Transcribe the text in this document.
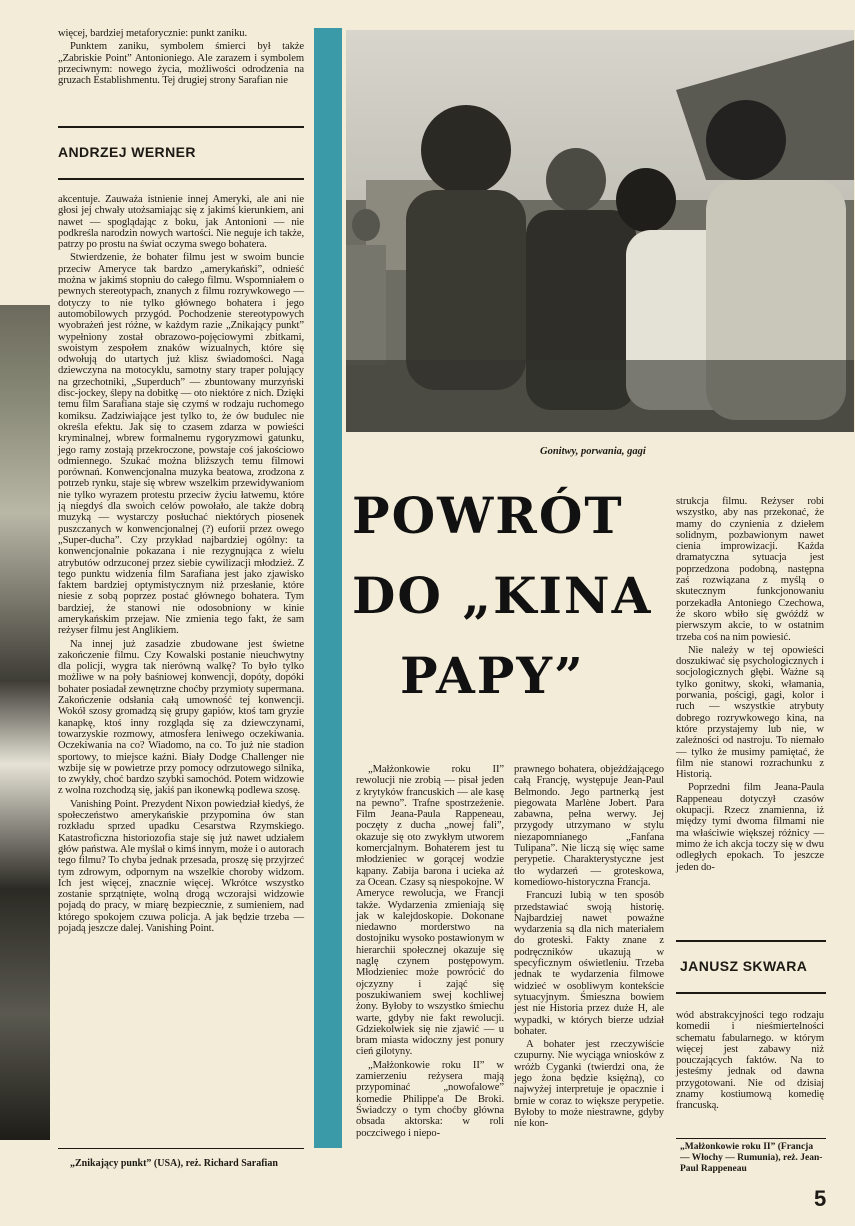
więcej, bardziej metaforycznie: punkt zaniku.

Punktem zaniku, symbolem śmierci był także „Zabriskie Point” Antonioniego. Ale zarazem i symbolem przeciwnym: nowego życia, możliwości odrodzenia na gruzach Establishmentu. Tej drugiej strony Sarafian nie

ANDRZEJ WERNER

akcentuje. Zauważa istnienie innej Ameryki, ale ani nie głosi jej chwały utożsamiając się z jakimś kierunkiem, ani nawet — spoglądając z boku, jak Antonioni — nie podkreśla narodzin nowych wartości. Nie neguje ich także, patrzy po prostu na świat oczyma swego bohatera.

Stwierdzenie, że bohater filmu jest w swoim buncie przeciw Ameryce tak bardzo „amerykański”, odnieść można w jakimś stopniu do całego filmu. Wspomniałem o pewnych stereotypach, znanych z filmu rozrywkowego — dotyczy to nie tylko głównego bohatera i jego automobilowych przygód. Pochodzenie stereotypowych wyobrażeń jest różne, w każdym razie „Znikający punkt” wypełniony został obrazowo-pojęciowymi zbitkami, swoistym zespołem znaków wizualnych, które się odwołują do utartych już klisz świadomości. Naga dziewczyna na motocyklu, samotny stary traper polujący na grzechotniki, „Superduch” — zbuntowany murzyński disc-jockey, ślepy na dobitkę — oto niektóre z nich. Dzięki temu film Sarafiana staje się czymś w rodzaju ruchomego komiksu. Zadziwiające jest tylko to, że ów budulec nie określa efektu. Jak się to czasem zdarza w powieści kryminalnej, wbrew formalnemu rygoryzmowi gatunku, jego ramy zostają przekroczone, powstaje coś jakościowo odmiennego. Szukać można bliższych temu filmowi porównań. Konwencjonalna muzyka beatowa, zrodzona z potrzeb rynku, staje się wbrew wszelkim przewidywaniom nie tylko wyrazem protestu przeciw życiu łatwemu, które ją niegdyś dla swoich celów powołało, ale także dobrą muzyką — wystarczy posłuchać niektórych piosenek puszczanych w konwencjonalnej (?) euforii przez owego „Super-ducha”. Czy przykład najbardziej ogólny: ta konwencjonalnie pokazana i nie rezygnująca z wielu atrybutów odrzuconej przez siebie cywilizacji młodzież. Z tego punktu widzenia film Sarafiana jest jako zjawisko faktem bardziej optymistycznym niż przesłanie, które niesie z sobą poprzez postać głównego bohatera. Tym bardziej, że stanowi nie odosobniony w kinie amerykańskim przejaw. Nie zmienia tego fakt, że sam reżyser filmu jest Anglikiem.

Na innej już zasadzie zbudowane jest świetne zakończenie filmu. Czy Kowalski postanie nieuchwytny dla policji, wygra tak nierówną walkę? To było tylko możliwe w na poły baśniowej konwencji, dopóty, dopóki bohater posiadał zewnętrzne choćby przymioty supermana. Zakończenie odsłania całą umowność tej konwencji. Wokół szosy gromadzą się grupy gapiów, ktoś tam gryzie kanapkę, ktoś inny rozgląda się za dziewczynami, towarzyskie rozmowy, atmosfera leniwego oczekiwania. Oczekiwania na co? Wiadomo, na co. To już nie stadion sportowy, to miejsce kaźni. Biały Dodge Challenger nie wzbije się w powietrze przy pomocy odrzutowego silnika, to zwykły, choć bardzo szybki samochód. Potem widzowie z wolna rozchodzą się, jakiś pan ikonewką podlewa szosę.

Vanishing Point. Prezydent Nixon powiedział kiedyś, że społeczeństwo amerykańskie przypomina ów stan rozkładu sprzed upadku Cesarstwa Rzymskiego. Katastroficzna historiozofia staje się już nawet udziałem głów państwa. Ale myślał o kimś innym, może i o autorach tego filmu? To chyba jednak przesada, proszę się przyjrzeć tym zdrowym, odpornym na wszelkie choroby widzom. Ich jest więcej, znacznie więcej. Wkrótce wszystko zostanie sprzątnięte, wolną drogą wczorajsi widzowie pojadą do pracy, w miarę bezpiecznie, z sumieniem, nad którego spokojem czuwa policja. A jak będzie trzeba — pojadą jeszcze dalej. Vanishing Point.

„Znikający punkt” (USA), reż. Richard Sarafian
Gonitwy, porwania, gagi
POWRÓT
DO „KINA
PAPY”

„Małżonkowie roku II” rewolucji nie zrobią — pisał jeden z krytyków francuskich — ale kasę na pewno”. Trafne spostrzeżenie. Film Jeana-Paula Rappeneau, poczęty z ducha „nowej fali”, okazuje się oto zwykłym utworem komercjalnym. Bohaterem jest tu młodzieniec w gorącej wodzie kąpany. Zabija barona i ucieka aż za Ocean. Czasy są niespokojne. W Ameryce rewolucja, we Francji także. Wydarzenia zmieniają się jak w kalejdoskopie. Dokonane niedawno morderstwo na dostojniku wysoko postawionym w hierarchii społecznej okazuje się naglę czynem postępowym. Młodzieniec może powrócić do ojczyzny i zająć się poszukiwaniem swej kochliwej żony. Byłoby to wszystko śmiechu warte, gdyby nie fakt rewolucji. Gdziekolwiek się nie zjawić — u bram miasta widoczny jest ponury cień gilotyny.

„Małżonkowie roku II” w zamierzeniu reżysera mają przypominać „nowofalowe” komedie Philippe'a De Broki. Świadczy o tym choćby główna obsada aktorska: w roli poczciwego i niepo-

prawnego bohatera, objeżdżającego całą Francję, występuje Jean-Paul Belmondo. Jego partnerką jest piegowata Marlène Jobert. Para zabawna, pełna werwy. Jej przygody utrzymano w stylu niezapomnianego „Fanfana Tulipana”. Nie liczą się więc same perypetie. Charakterystyczne jest tło wydarzeń — groteskowa, komediowo-historyczna Francja.

Francuzi lubią w ten sposób przedstawiać swoją historię. Najbardziej nawet poważne wydarzenia są dla nich materiałem do groteski. Fakty znane z podręczników ukazują w specyficznym oświetleniu. Trzeba jednak te wydarzenia filmowe widzieć w osobliwym kontekście sytuacyjnym. Śmieszna bowiem jest nie Historia przez duże H, ale wypadki, w których bierze udział bohater.

A bohater jest rzeczywiście czupurny. Nie wyciąga wniosków z wróżb Cyganki (twierdzi ona, że jego żona będzie księżną), co najwyżej interpretuje je opacznie i brnie w coraz to większe perypetie. Byłoby to może niestrawne, gdyby nie kon-

strukcja filmu. Reżyser robi wszystko, aby nas przekonać, że mamy do czynienia z dziełem solidnym, pozbawionym nawet cienia improwizacji. Każda dramatyczna sytuacja jest poprzedzona podobną, następna zaś rozwiązana z myślą o skutecznym funkcjonowaniu porzekadła Antoniego Czechowa, że skoro wbiło się gwóźdź w pierwszym akcie, to w ostatnim trzeba coś na nim powiesić.

Nie należy w tej opowieści doszukiwać się psychologicznych i socjologicznych głębi. Ważne są tylko gonitwy, skoki, włamania, porwania, pościgi, gagi, kolor i ruch — wszystkie atrybuty dobrego rozrywkowego kina, na które przystajemy lub nie, w zależności od nastroju. To niemało — tylko że musimy pamiętać, że film nie stanowi rozrachunku z Historią.

Poprzedni film Jeana-Paula Rappeneau dotyczył czasów okupacji. Rzecz znamienna, iż między tymi dwoma filmami nie ma właściwie większej różnicy — mimo że ich akcja toczy się w dwu odległych epokach. To jeszcze jeden do-

JANUSZ SKWARA

wód abstrakcyjności tego rodzaju komedii i nieśmiertelności schematu fabularnego. w którym więcej jest zabawy niż pouczających faktów. Na to jesteśmy jednak od dawna przygotowani. Nie od dzisiaj znamy kostiumową komedię francuską.

„Małżonkowie roku II” (Francja — Włochy — Rumunia), reż. Jean-Paul Rappeneau
5
